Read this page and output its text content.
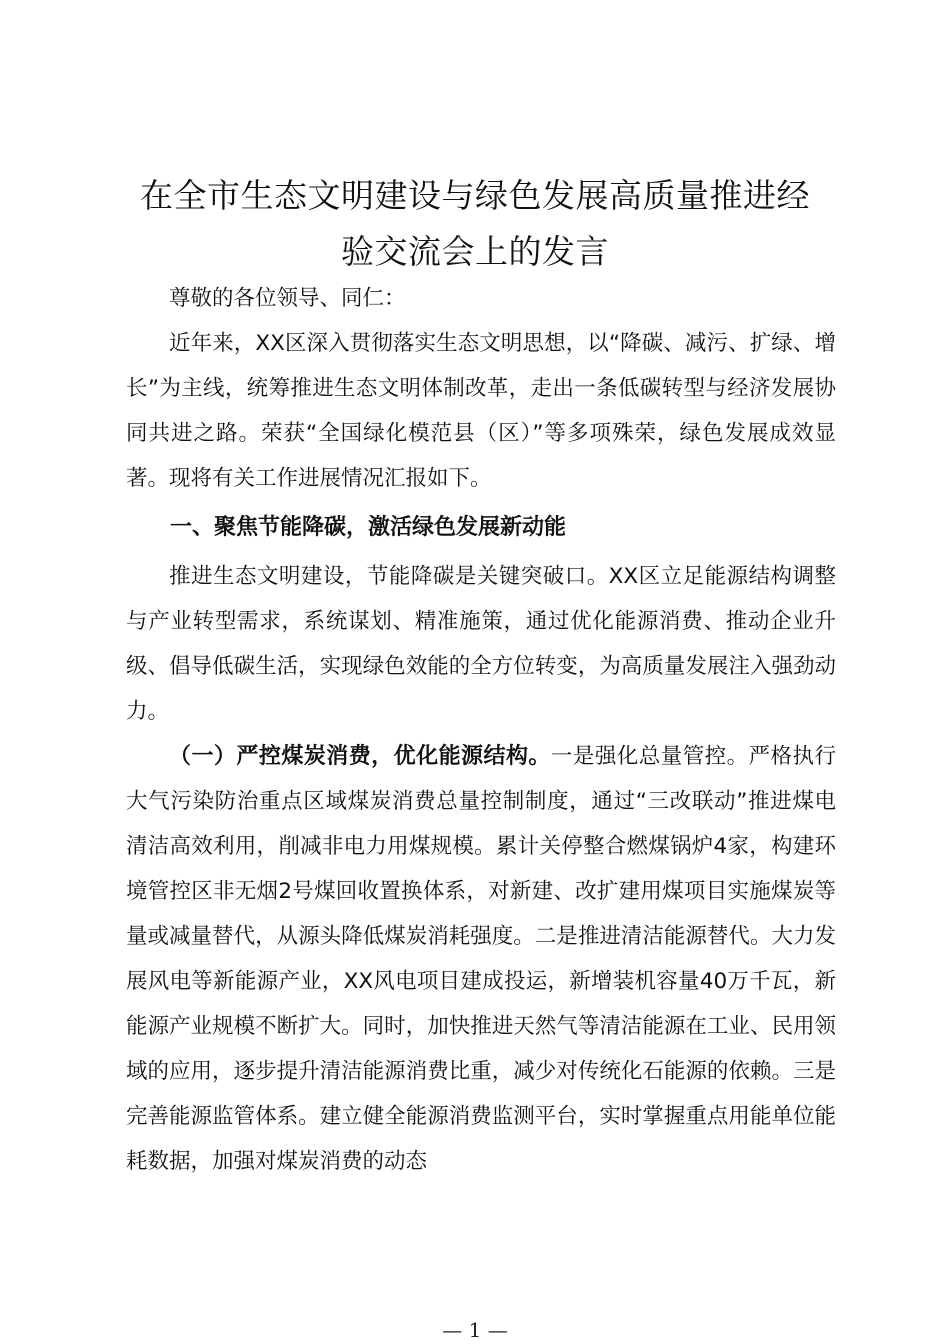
在全市生态文明建设与绿色发展高质量推进经
验交流会上的发言

尊敬的各位领导、同仁：

近年来，XX区深入贯彻落实生态文明思想，以“降碳、减污、扩绿、增长”为主线，统筹推进生态文明体制改革，走出一条低碳转型与经济发展协同共进之路。荣获“全国绿化模范县（区）”等多项殊荣，绿色发展成效显著。现将有关工作进展情况汇报如下。

一、聚焦节能降碳，激活绿色发展新动能

推进生态文明建设，节能降碳是关键突破口。XX区立足能源结构调整与产业转型需求，系统谋划、精准施策，通过优化能源消费、推动企业升级、倡导低碳生活，实现绿色效能的全方位转变，为高质量发展注入强劲动力。

（一）严控煤炭消费，优化能源结构。一是强化总量管控。严格执行大气污染防治重点区域煤炭消费总量控制制度，通过“三改联动”推进煤电清洁高效利用，削减非电力用煤规模。累计关停整合燃煤锅炉4家，构建环境管控区非无烟2号煤回收置换体系，对新建、改扩建用煤项目实施煤炭等量或减量替代，从源头降低煤炭消耗强度。二是推进清洁能源替代。大力发展风电等新能源产业，XX风电项目建成投运，新增装机容量40万千瓦，新能源产业规模不断扩大。同时，加快推进天然气等清洁能源在工业、民用领域的应用，逐步提升清洁能源消费比重，减少对传统化石能源的依赖。三是完善能源监管体系。建立健全能源消费监测平台，实时掌握重点用能单位能耗数据，加强对煤炭消费的动态

— 1 —
